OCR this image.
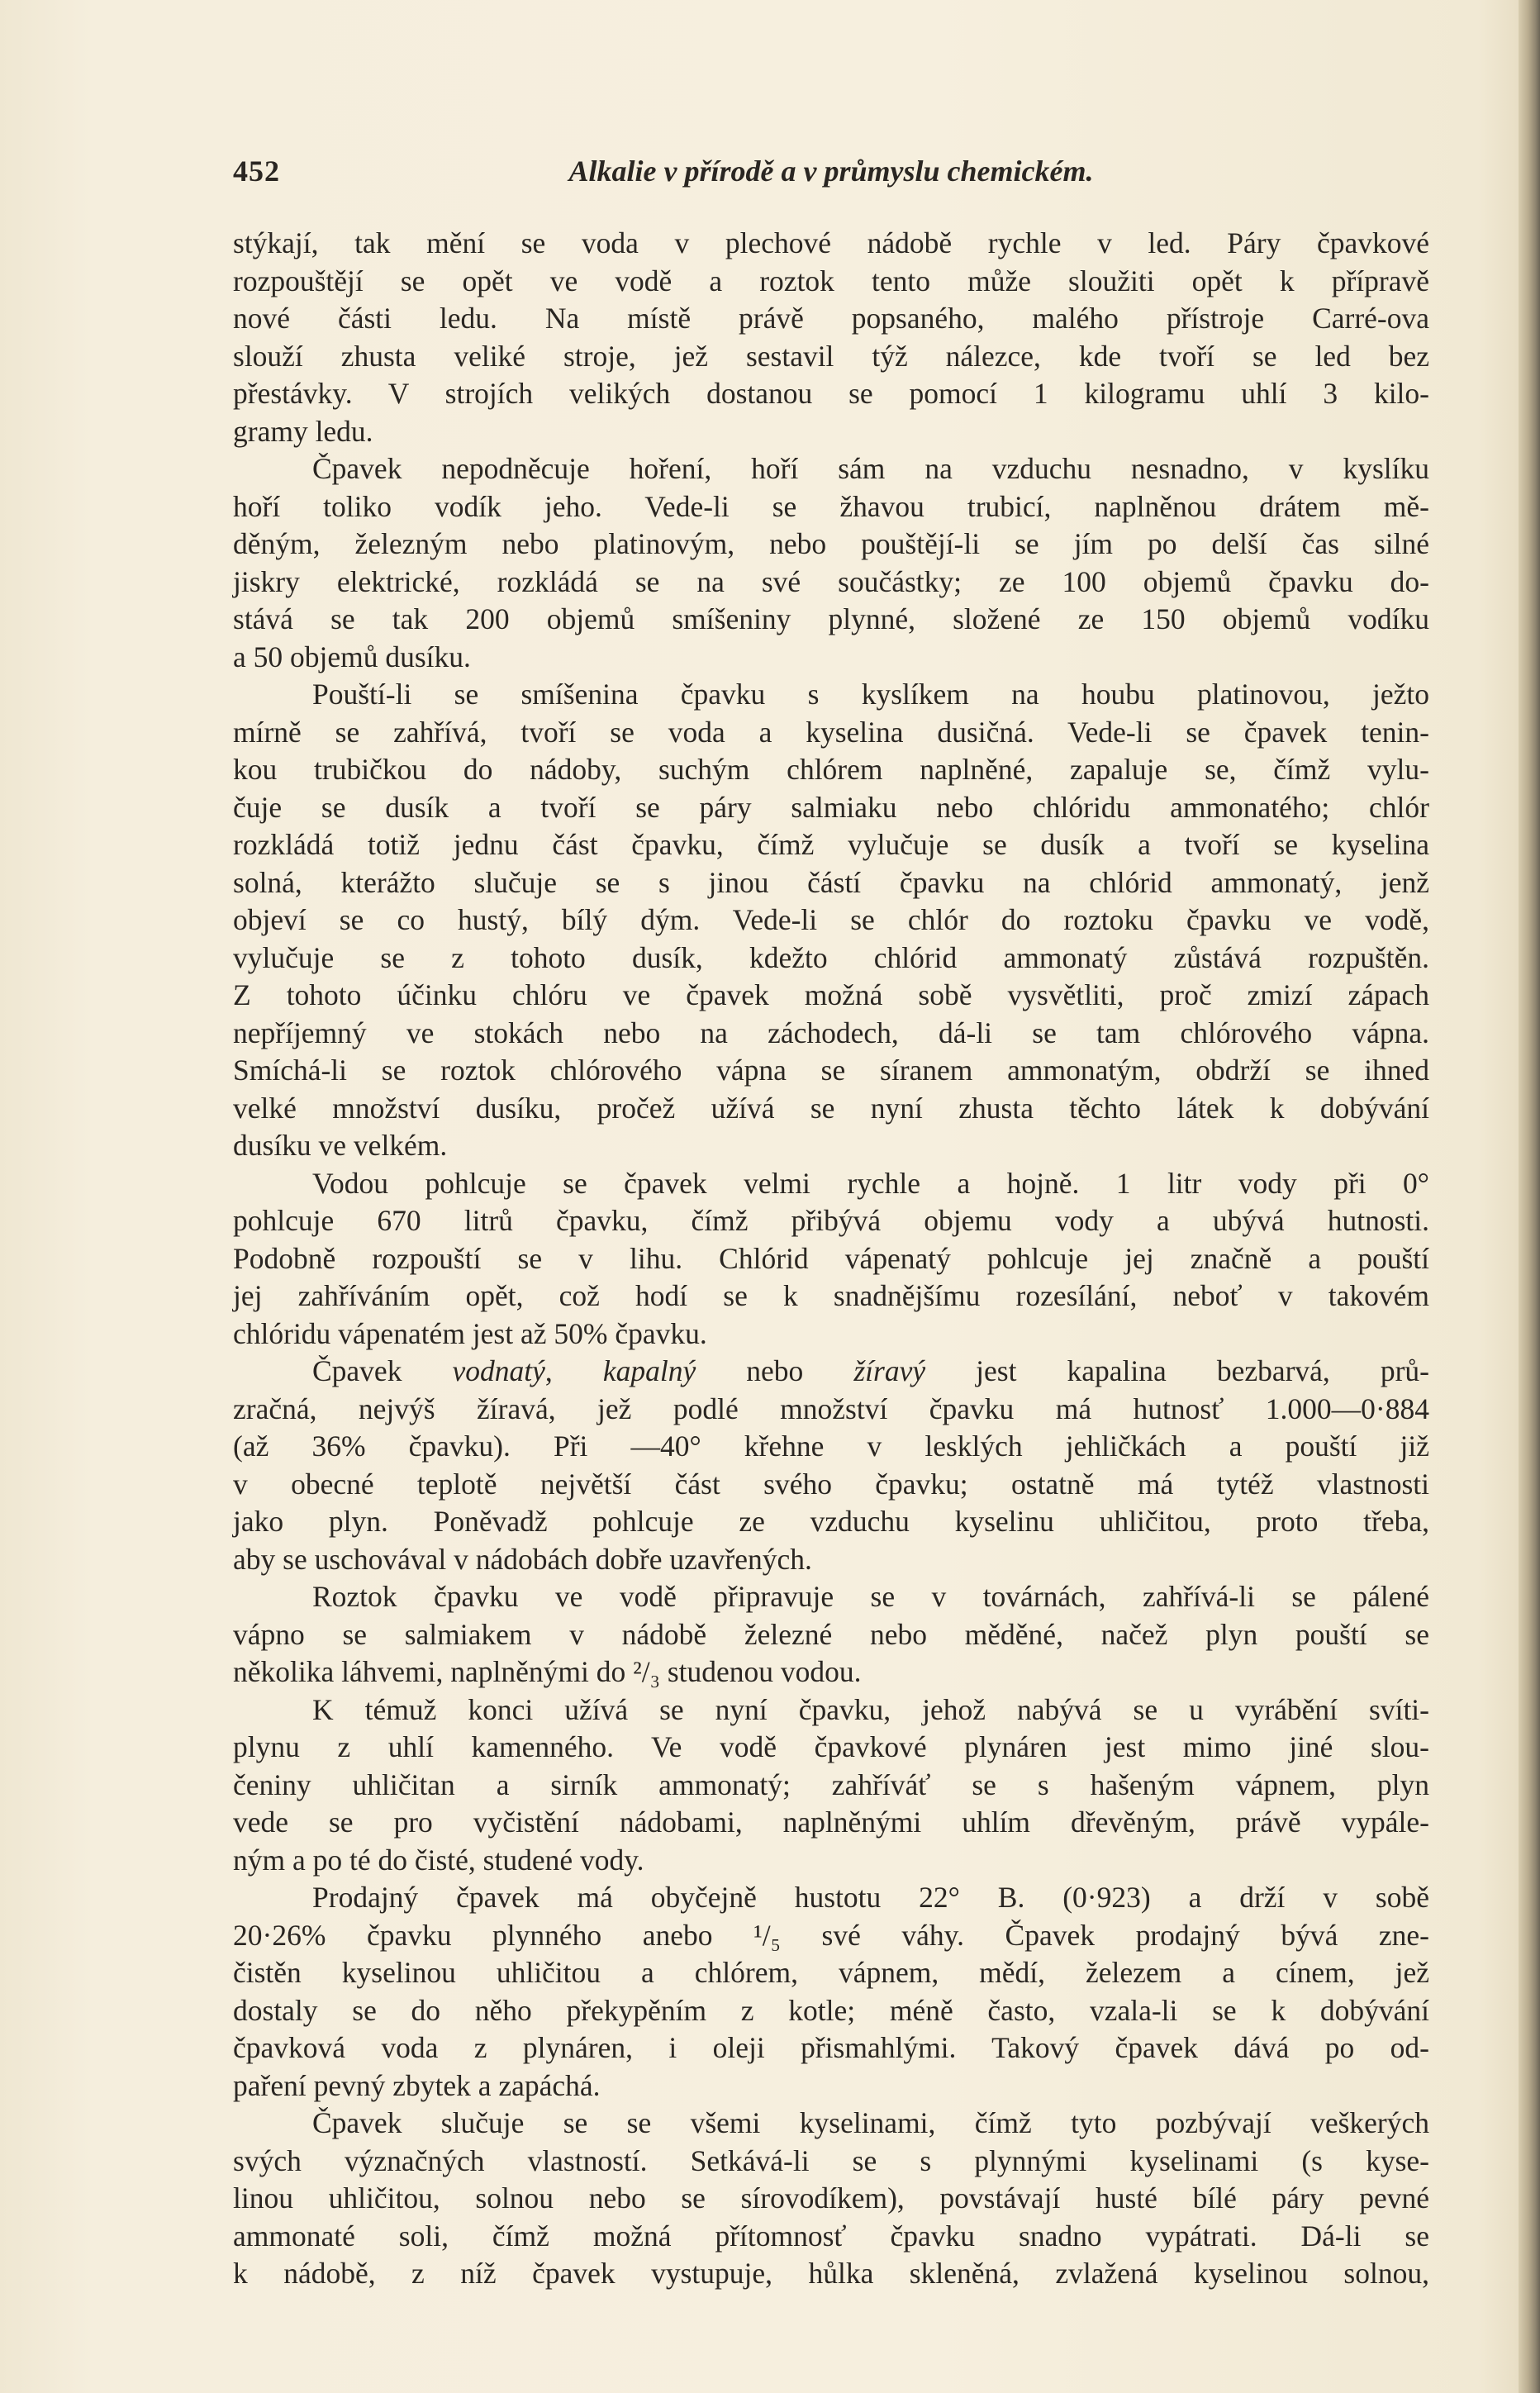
452	Alkalie v přírodě a v průmyslu chemickém.
stýkají, tak mění se voda v plechové nádobě rychle v led. Páry čpavkové
rozpouštějí se opět ve vodě a roztok tento může sloužiti opět k přípravě
nové části ledu. Na místě právě popsaného, malého přístroje Carré-ova
slouží zhusta veliké stroje, jež sestavil týž nálezce, kde tvoří se led bez
přestávky. V strojích velikých dostanou se pomocí 1 kilogramu uhlí 3 kilo-
gramy ledu.
Čpavek nepodněcuje hoření, hoří sám na vzduchu nesnadno, v kyslíku
hoří toliko vodík jeho. Vede-li se žhavou trubicí, naplněnou drátem mě-
děným, železným nebo platinovým, nebo pouštějí-li se jím po delší čas silné
jiskry elektrické, rozkládá se na své součástky; ze 100 objemů čpavku do-
stává se tak 200 objemů smíšeniny plynné, složené ze 150 objemů vodíku
a 50 objemů dusíku.
Pouští-li se smíšenina čpavku s kyslíkem na houbu platinovou, ježto
mírně se zahřívá, tvoří se voda a kyselina dusičná. Vede-li se čpavek tenin-
kou trubičkou do nádoby, suchým chlórem naplněné, zapaluje se, čímž vylu-
čuje se dusík a tvoří se páry salmiaku nebo chlóridu ammonatého; chlór
rozkládá totiž jednu část čpavku, čímž vylučuje se dusík a tvoří se kyselina
solná, kterážto slučuje se s jinou částí čpavku na chlórid ammonatý, jenž
objeví se co hustý, bílý dým. Vede-li se chlór do roztoku čpavku ve vodě,
vylučuje se z tohoto dusík, kdežto chlórid ammonatý zůstává rozpuštěn.
Z tohoto účinku chlóru ve čpavek možná sobě vysvětliti, proč zmizí zápach
nepříjemný ve stokách nebo na záchodech, dá-li se tam chlórového vápna.
Smíchá-li se roztok chlórového vápna se síranem ammonatým, obdrží se ihned
velké množství dusíku, pročež užívá se nyní zhusta těchto látek k dobývání
dusíku ve velkém.
Vodou pohlcuje se čpavek velmi rychle a hojně. 1 litr vody při 0°
pohlcuje 670 litrů čpavku, čímž přibývá objemu vody a ubývá hutnosti.
Podobně rozpouští se v lihu. Chlórid vápenatý pohlcuje jej značně a pouští
jej zahříváním opět, což hodí se k snadnějšímu rozesílání, neboť v takovém
chlóridu vápenatém jest až 50% čpavku.
Čpavek vodnatý, kapalný nebo žíravý jest kapalina bezbarvá, prů-
zračná, nejvýš žíravá, jež podlé množství čpavku má hutnosť 1.000—0·884
(až 36% čpavku). Při —40° křehne v lesklých jehličkách a pouští již
v obecné teplotě největší část svého čpavku; ostatně má tytéž vlastnosti
jako plyn. Poněvadž pohlcuje ze vzduchu kyselinu uhličitou, proto třeba,
aby se uschovával v nádobách dobře uzavřených.
Roztok čpavku ve vodě připravuje se v továrnách, zahřívá-li se pálené
vápno se salmiakem v nádobě železné nebo měděné, načež plyn pouští se
několika láhvemi, naplněnými do ²/₃ studenou vodou.
K témuž konci užívá se nyní čpavku, jehož nabývá se u vyrábění svíti-
plynu z uhlí kamenného. Ve vodě čpavkové plynáren jest mimo jiné slou-
čeniny uhličitan a sirník ammonatý; zahříváť se s hašeným vápnem, plyn
vede se pro vyčistění nádobami, naplněnými uhlím dřevěným, právě vypále-
ným a po té do čisté, studené vody.
Prodajný čpavek má obyčejně hustotu 22° B. (0·923) a drží v sobě
20·26% čpavku plynného anebo ¹/₅ své váhy. Čpavek prodajný bývá zne-
čistěn kyselinou uhličitou a chlórem, vápnem, mědí, železem a cínem, jež
dostaly se do něho překypěním z kotle; méně často, vzala-li se k dobývání
čpavková voda z plynáren, i oleji přismahlými. Takový čpavek dává po od-
paření pevný zbytek a zapáchá.
Čpavek slučuje se se všemi kyselinami, čímž tyto pozbývají veškerých
svých význačných vlastností. Setkává-li se s plynnými kyselinami (s kyse-
linou uhličitou, solnou nebo se sírovodíkem), povstávají husté bílé páry pevné
ammonaté soli, čímž možná přítomnosť čpavku snadno vypátrati. Dá-li se
k nádobě, z níž čpavek vystupuje, hůlka skleněná, zvlažená kyselinou solnou,
